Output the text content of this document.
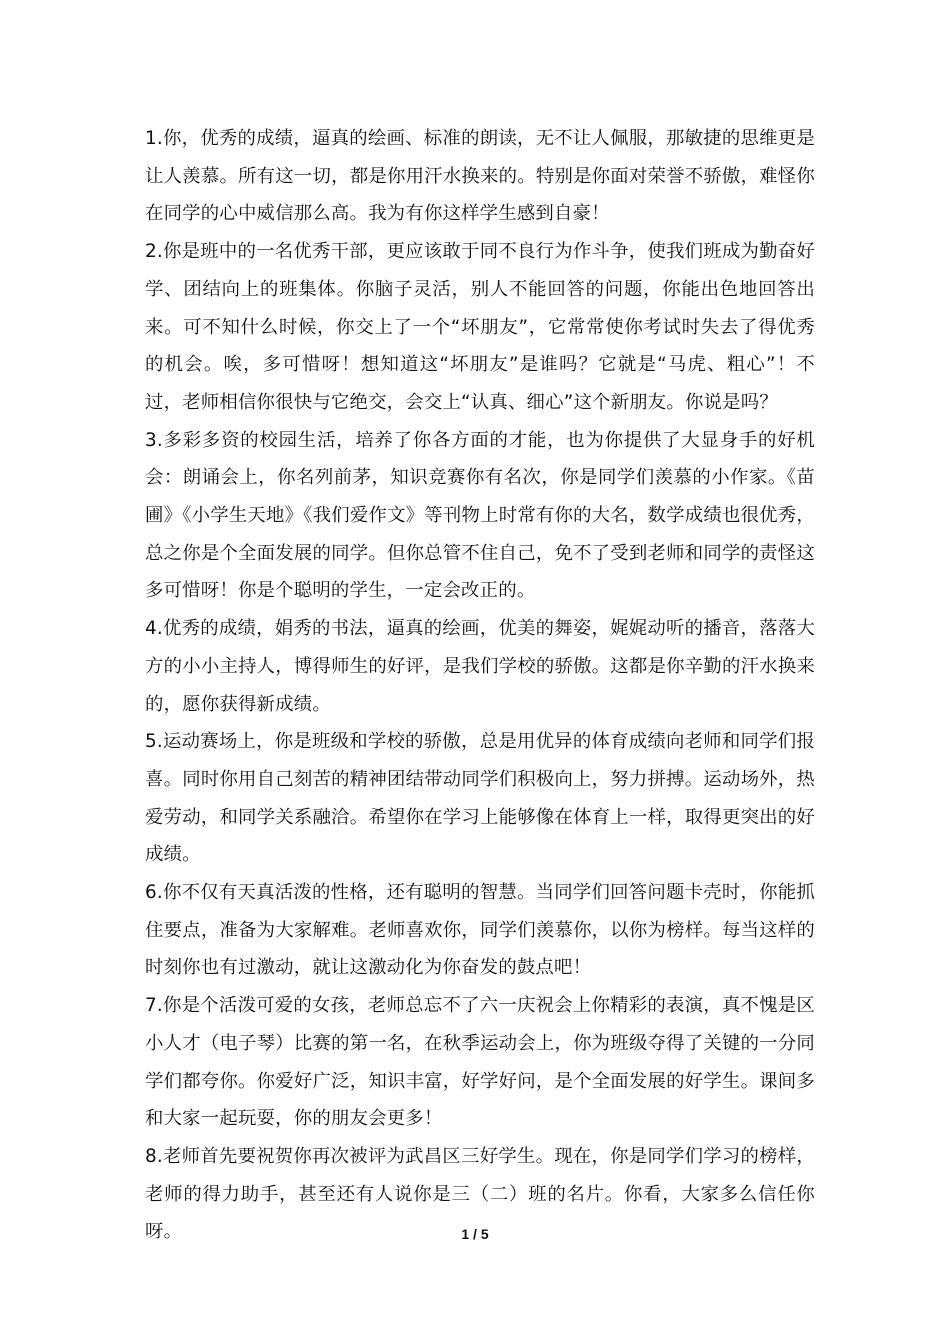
1.你，优秀的成绩，逼真的绘画、标准的朗读，无不让人佩服，那敏捷的思维更是让人羡慕。所有这一切，都是你用汗水换来的。特别是你面对荣誉不骄傲，难怪你在同学的心中威信那么高。我为有你这样学生感到自豪！

2.你是班中的一名优秀干部，更应该敢于同不良行为作斗争，使我们班成为勤奋好学、团结向上的班集体。你脑子灵活，别人不能回答的问题，你能出色地回答出来。可不知什么时候，你交上了一个“坏朋友”，它常常使你考试时失去了得优秀的机会。唉，多可惜呀！想知道这“坏朋友”是谁吗？它就是“马虎、粗心”！不过，老师相信你很快与它绝交，会交上“认真、细心”这个新朋友。你说是吗？

3.多彩多资的校园生活，培养了你各方面的才能，也为你提供了大显身手的好机会：朗诵会上，你名列前茅，知识竞赛你有名次，你是同学们羡慕的小作家。《苗圃》《小学生天地》《我们爱作文》等刊物上时常有你的大名，数学成绩也很优秀，总之你是个全面发展的同学。但你总管不住自己，免不了受到老师和同学的责怪这多可惜呀！你是个聪明的学生，一定会改正的。

4.优秀的成绩，娟秀的书法，逼真的绘画，优美的舞姿，娓娓动听的播音，落落大方的小小主持人，博得师生的好评，是我们学校的骄傲。这都是你辛勤的汗水换来的，愿你获得新成绩。

5.运动赛场上，你是班级和学校的骄傲，总是用优异的体育成绩向老师和同学们报喜。同时你用自己刻苦的精神团结带动同学们积极向上，努力拼搏。运动场外，热爱劳动，和同学关系融洽。希望你在学习上能够像在体育上一样，取得更突出的好成绩。

6.你不仅有天真活泼的性格，还有聪明的智慧。当同学们回答问题卡壳时，你能抓住要点，准备为大家解难。老师喜欢你，同学们羡慕你，以你为榜样。每当这样的时刻你也有过激动，就让这激动化为你奋发的鼓点吧！

7.你是个活泼可爱的女孩，老师总忘不了六一庆祝会上你精彩的表演，真不愧是区小人才（电子琴）比赛的第一名，在秋季运动会上，你为班级夺得了关键的一分同学们都夸你。你爱好广泛，知识丰富，好学好问，是个全面发展的好学生。课间多和大家一起玩耍，你的朋友会更多！

8.老师首先要祝贺你再次被评为武昌区三好学生。现在，你是同学们学习的榜样，老师的得力助手，甚至还有人说你是三（二）班的名片。你看，大家多么信任你呀。	1 / 5
